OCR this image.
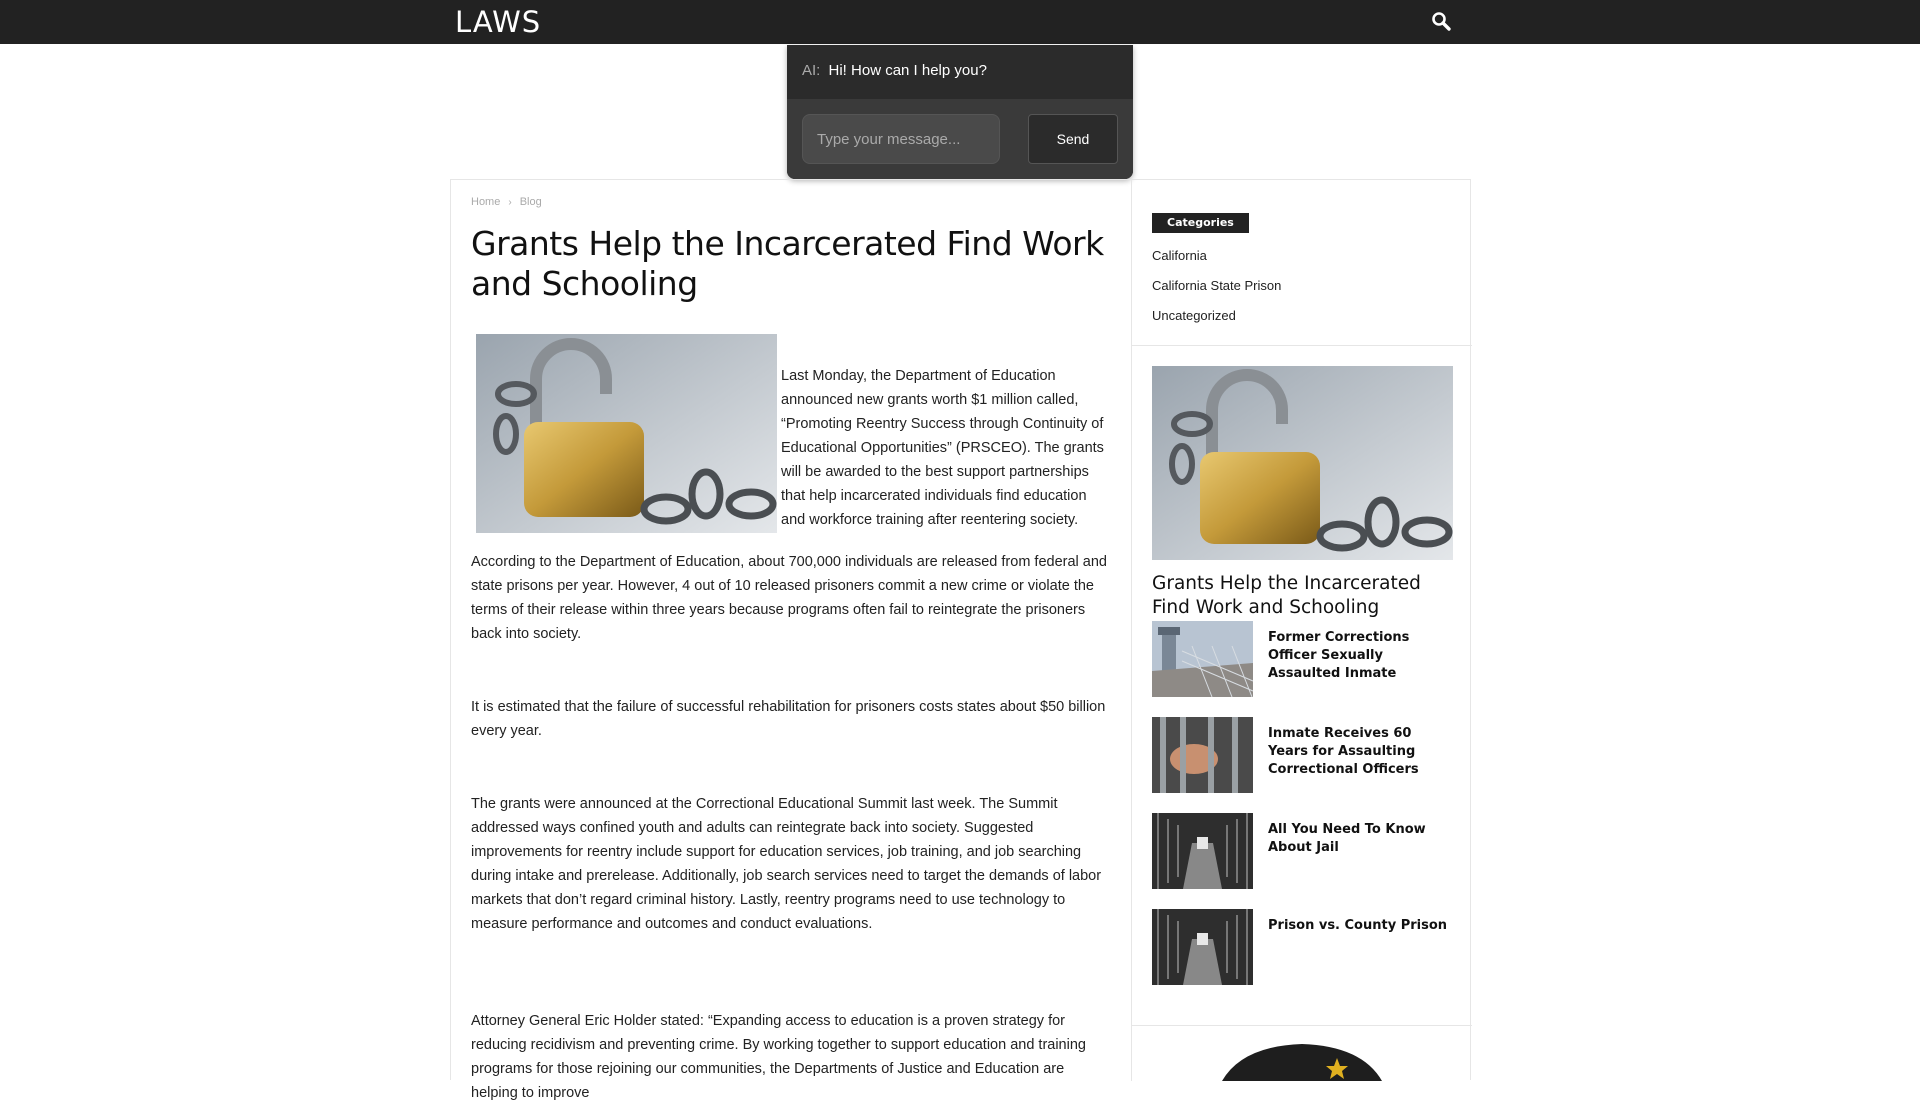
LAWS
AI: Hi! How can I help you?
Type your message...
Send
Home › Blog
Grants Help the Incarcerated Find Work and Schooling

Last Monday, the Department of Education announced new grants worth $1 million called, “Promoting Reentry Success through Continuity of Educational Opportunities” (PRSCEO). The grants will be awarded to the best support partnerships that help incarcerated individuals find education and workforce training after reentering society.

According to the Department of Education, about 700,000 individuals are released from federal and state prisons per year. However, 4 out of 10 released prisoners commit a new crime or violate the terms of their release within three years because programs often fail to reintegrate the prisoners back into society.

It is estimated that the failure of successful rehabilitation for prisoners costs states about $50 billion every year.

The grants were announced at the Correctional Educational Summit last week. The Summit addressed ways confined youth and adults can reintegrate back into society. Suggested improvements for reentry include support for education services, job training, and job searching during intake and prerelease. Additionally, job search services need to target the demands of labor markets that don’t regard criminal history. Lastly, reentry programs need to use technology to measure performance and outcomes and conduct evaluations.

Attorney General Eric Holder stated: “Expanding access to education is a proven strategy for reducing recidivism and preventing crime. By working together to support education and training programs for those rejoining our communities, the Departments of Justice and Education are helping to improve

Categories
California
California State Prison
Uncategorized
Grants Help the Incarcerated Find Work and Schooling
Former Corrections Officer Sexually Assaulted Inmate
Inmate Receives 60 Years for Assaulting Correctional Officers
All You Need To Know About Jail
Prison vs. County Prison
